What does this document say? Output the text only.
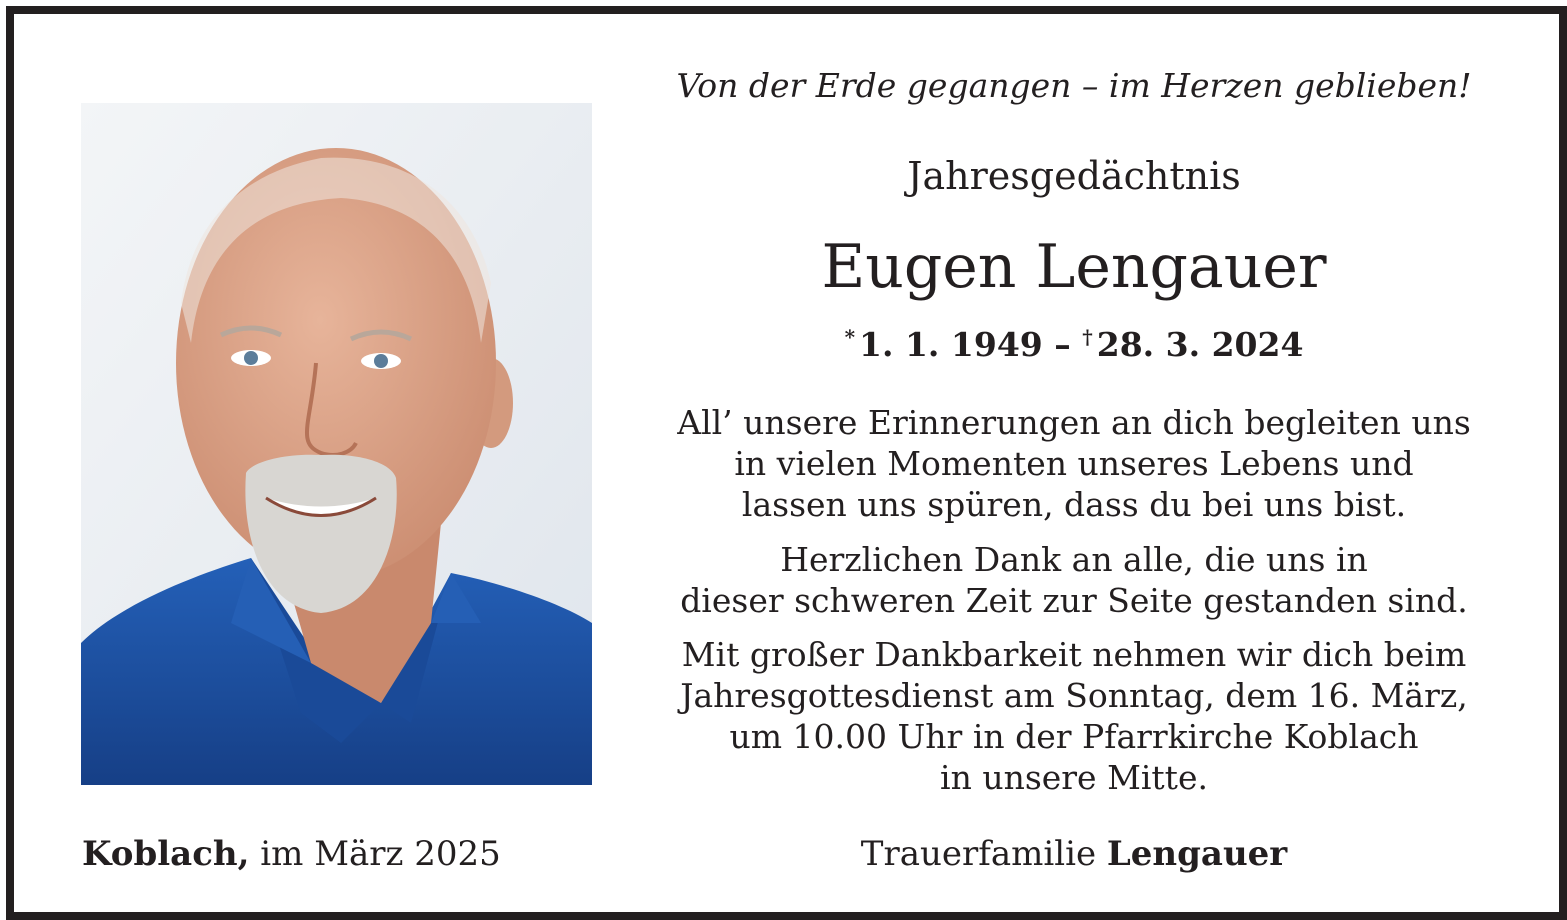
Koblach, im März 2025
Von der Erde gegangen – im Herzen geblieben!
Jahresgedächtnis
Eugen Lengauer
* 1. 1. 1949 – † 28. 3. 2024
All’ unsere Erinnerungen an dich begleiten uns
in vielen Momenten unseres Lebens und
lassen uns spüren, dass du bei uns bist.
Herzlichen Dank an alle, die uns in
dieser schweren Zeit zur Seite gestanden sind.
Mit großer Dankbarkeit nehmen wir dich beim
Jahresgottesdienst am Sonntag, dem 16. März,
um 10.00 Uhr in der Pfarrkirche Koblach
in unsere Mitte.
Trauerfamilie Lengauer
